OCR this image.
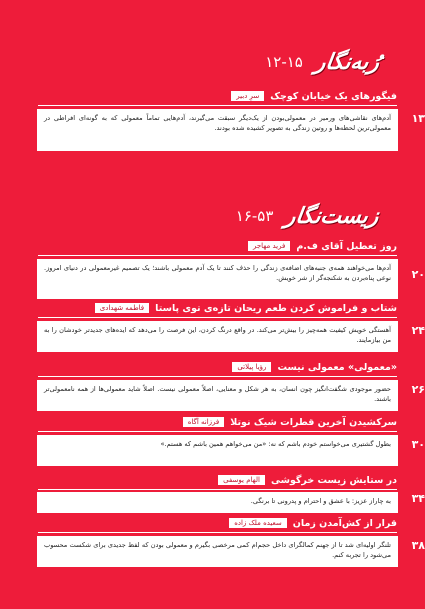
رُبه‌نگار
۱۲-۱۵
فیگورهای یک خیابان کوچک
سرِ دبیر
آدم‌های نقاشی‌های ورمیر در معمولی‌بودن از یک‌دیگر سبقت می‌گیرند، آدم‌هایی تماماً معمولی که به گونه‌ای افراطی در معمولی‌ترین لحظه‌ها و روتین زندگی به تصویر کشیده شده بودند.
۱۳
زیست‌نگار
۱۶-۵۳
روز تعطیل آقای ف.م
فرید مهاجر
آدم‌ها می‌خواهند همه‌ی جنبه‌های اضافه‌ی زندگی را حذف کنند تا یک آدم معمولی باشند؛ یک تصمیم غیرمعمولی در دنیای امروز. نوعی پناه‌بردن به شکنجه‌گر از شر خویش.	۲۰
شتاب و فراموش کردن طعم ریحان تازه‌ی توی پاستا
فاطمه شهدادی
آهستگی خویش کیفیت همه‌چیز را بیش‌تر می‌کند. در واقع درنگ کردن، این فرصت را می‌دهد که ایده‌ها‌ی جدید‌تر خودشان را به من بیازمایند.
۲۴
«معمولی» معمولی نیست
رؤیا پیلاتی
حضور موجودی شگفت‌انگیز چون انسان، به هر شکل و معنایی، اصلاً معمولی نیست. اصلاً شاید معمولی‌ها از همه نامعمولی‌تر باشند.
۲۶
سرکشیدن آخرین قطرات شیک نوتلا
فرزانه آگاه
بطول گشتیری می‌خواستم خودم باشم که نه: «من می‌خواهم همین باشم که هستم.»	۳۰
در ستایش زیست خرگوشی
الهام یوسفی
به چاراز عزیز: با عشق و احترام و پدرونی تا برنگی.	۳۴
قرار از کش‌آمدن زمان
سعیده ملک زاده
تلنگر اولیه‌ای شد تا از جهنم کمالگرای داخل حجم‌ام کمی مرخصی بگیرم و معمولی بودن که لفظ جدیدی برای شکست محسوب می‌شود را تجربه کنم.
۳۸
